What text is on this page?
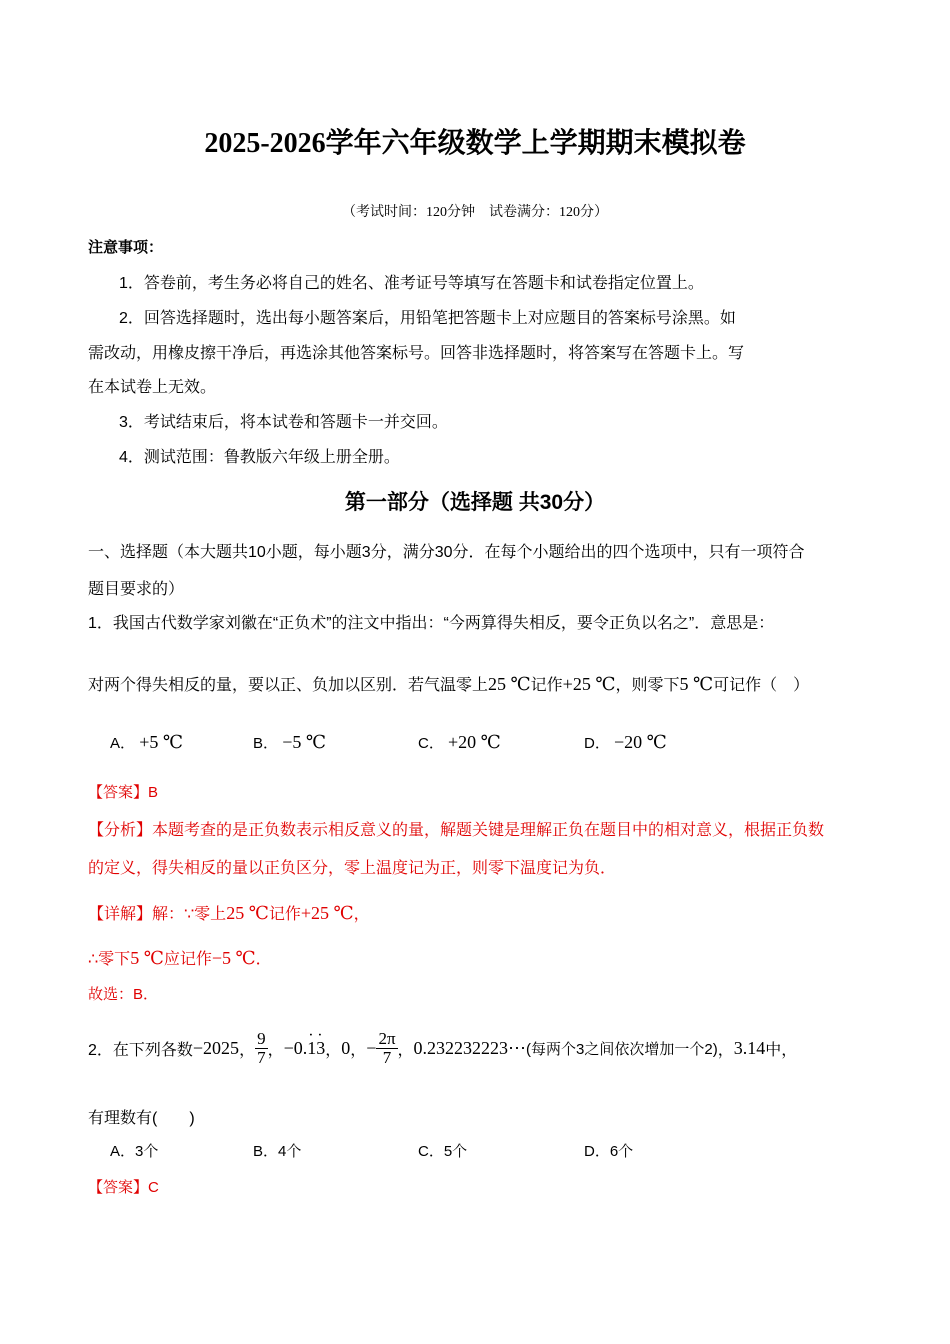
2025-2026学年六年级数学上学期期末模拟卷
（考试时间：120分钟　试卷满分：120分）
注意事项：
1．答卷前，考生务必将自己的姓名、准考证号等填写在答题卡和试卷指定位置上。
2．回答选择题时，选出每小题答案后，用铅笔把答题卡上对应题目的答案标号涂黑。如
需改动，用橡皮擦干净后，再选涂其他答案标号。回答非选择题时，将答案写在答题卡上。写
在本试卷上无效。
3．考试结束后，将本试卷和答题卡一并交回。
4．测试范围：鲁教版六年级上册全册。
第一部分（选择题 共30分）
一、选择题（本大题共10小题，每小题3分，满分30分．在每个小题给出的四个选项中，只有一项符合
题目要求的）
1．我国古代数学家刘徽在“正负术”的注文中指出：“今两算得失相反，要令正负以名之”．意思是：
对两个得失相反的量，要以正、负加以区别．若气温零上25 ℃记作+25 ℃，则零下5 ℃可记作（　）
A． +5 ℃	B． −5 ℃	C． +20 ℃	D． −20 ℃
【答案】B
【分析】本题考查的是正负数表示相反意义的量，解题关键是理解正负在题目中的相对意义，根据正负数
的定义，得失相反的量以正负区分，零上温度记为正，则零下温度记为负．
【详解】解：∵零上25 ℃记作+25 ℃，
∴零下5 ℃应记作−5 ℃．
故选：B．
2．在下列各数 −2025 ， $\frac{9}{7}$ ， −0.· 1· 3 ， 0 ， − $\frac{2\pi}{7}$ ， 0.232232223⋯ (每两个3之间依次增加一个2) ， 3.14 中，
有理数有(　　)
A．3个	B．4个	C．5个	D．6个
【答案】C
